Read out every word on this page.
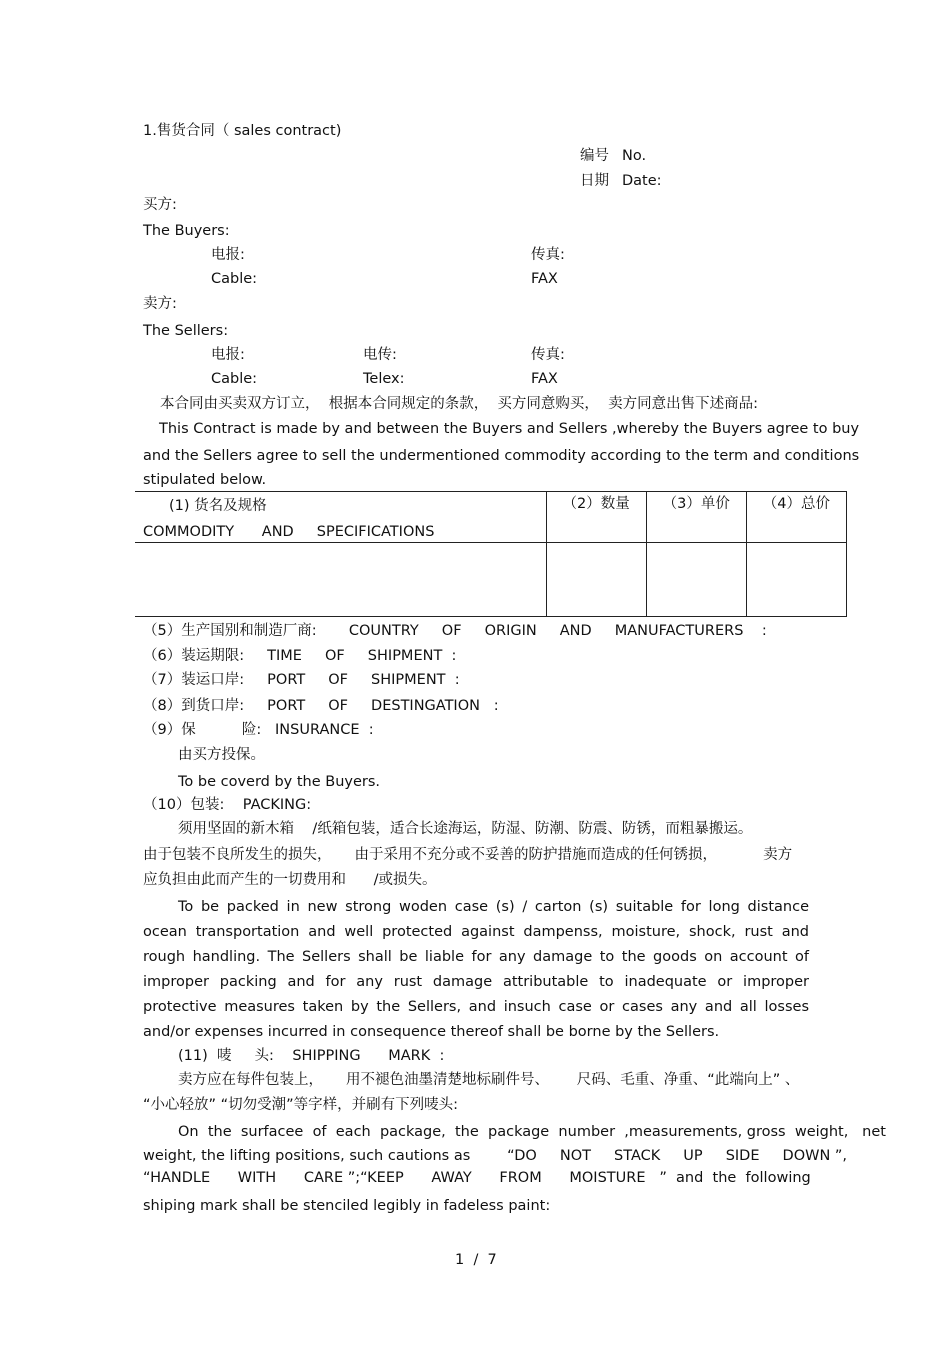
1.售货合同（ sales contract)
编号 No.
日期 Date:
买方:
The Buyers:
电报:	传真:
Cable:	FAX
卖方:
The Sellers:
电报:	电传:	传真:
Cable:	Telex:	FAX
本合同由买卖双方订立，  根据本合同规定的条款，  买方同意购买，  卖方同意出售下述商品:
This Contract is made by and between the Buyers and Sellers ,whereby the Buyers agree to buy
and the Sellers agree to sell the undermentioned commodity according to the term and conditions
stipulated below.
(1) 货名及规格
COMMODITY      AND     SPECIFICATIONS	（2）数量	（3）单价	（4）总价

（5）生产国别和制造厂商:       COUNTRY     OF     ORIGIN     AND     MANUFACTURERS    :
（6）装运期限:     TIME     OF     SHIPMENT  :
（7）装运口岸:     PORT     OF     SHIPMENT  :
（8）到货口岸:     PORT     OF     DESTINGATION   :
（9）保          险:   INSURANCE  :
由买方投保。
To be coverd by the Buyers.
（10）包装:    PACKING:
须用坚固的新木箱    /纸箱包装，适合长途海运，防湿、防潮、防震、防锈，而粗暴搬运。
由于包装不良所发生的损失，     由于采用不充分或不妥善的防护措施而造成的任何锈损，          卖方
应负担由此而产生的一切费用和      /或损失。
To be packed in new strong woden case (s) / carton (s) suitable for long distance ocean transportation and well protected against dampenss, moisture, shock, rust and rough handling. The Sellers shall be liable for any damage to the goods on account of improper packing and for any rust damage attributable to inadequate or improper protective measures taken by the Sellers, and insuch case or cases any and all losses and/or expenses incurred in consequence thereof shall be borne by the Sellers.
(11)  唛     头:    SHIPPING      MARK  :
卖方应在每件包装上，     用不褪色油墨清楚地标刷件号、      尺码、毛重、净重、“此端向上” 、
“小心轻放” “切勿受潮”等字样，并刷有下列唛头:
On  the  surfacee  of  each  package,  the  package  number  ,measurements, gross  weight,   net
weight, the lifting positions, such cautions as        “DO     NOT     STACK     UP     SIDE     DOWN ”,
“HANDLE      WITH      CARE ”;“KEEP      AWAY      FROM      MOISTURE   ”  and  the  following
shiping mark shall be stenciled legibly in fadeless paint:
1  /  7
